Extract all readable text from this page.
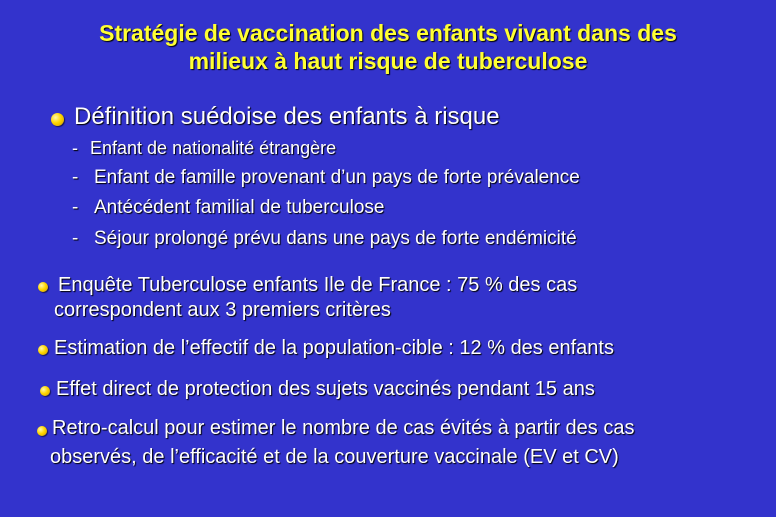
Stratégie de vaccination des enfants vivant dans des
milieux à haut risque de tuberculose
Définition suédoise des enfants à risque
- Enfant de nationalité étrangère
- Enfant de famille provenant d’un pays de forte prévalence
- Antécédent familial de tuberculose
- Séjour prolongé prévu dans une pays de forte endémicité
Enquête Tuberculose enfants Ile de France : 75 % des cas
correspondent aux 3 premiers critères
Estimation de l’effectif de la population-cible : 12 % des enfants
Effet direct de protection des sujets vaccinés pendant 15 ans
Retro-calcul pour estimer le nombre de cas évités à partir des cas
observés, de l’efficacité et de la couverture vaccinale (EV et CV)
